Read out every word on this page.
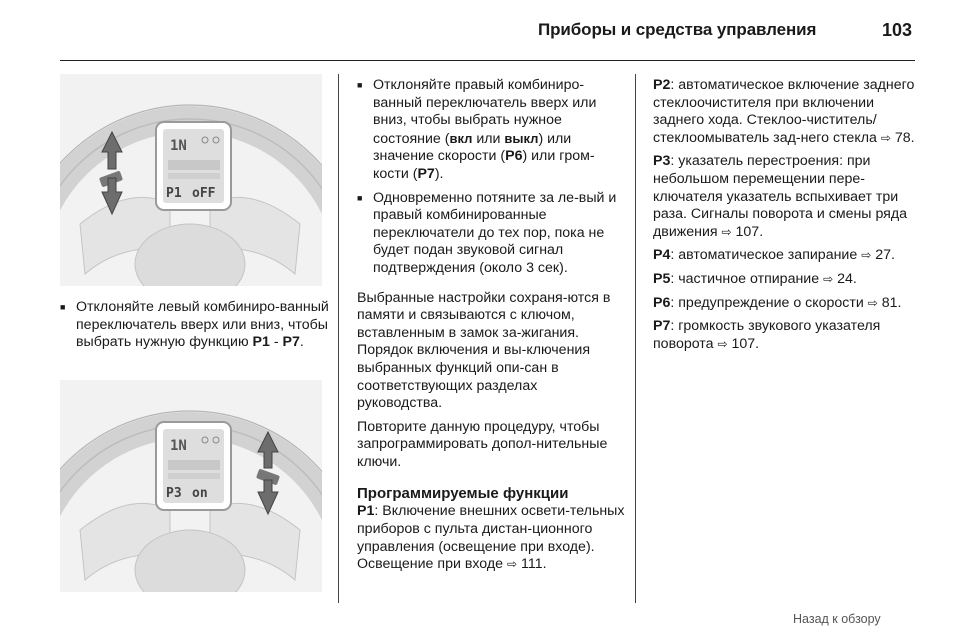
Приборы и средства управления	103
1N
P1 oFF
1N
P3 on
■ Отклоняйте левый комбиниро-ванный переключатель вверх или вниз, чтобы выбрать нужную функцию P1 - P7.
■ Отклоняйте правый комбиниро-ванный переключатель вверх или вниз, чтобы выбрать нужное состояние (вкл или выкл) или значение скорости (P6) или гром-кости (P7).
■ Одновременно потяните за ле-вый и правый комбинированные переключатели до тех пор, пока не будет подан звуковой сигнал подтверждения (около 3 сек).
Выбранные настройки сохраня-ются в памяти и связываются с ключом, вставленным в замок за-жигания. Порядок включения и вы-ключения выбранных функций опи-сан в соответствующих разделах руководства.
Повторите данную процедуру, чтобы запрограммировать допол-нительные ключи.
Программируемые функции
P1: Включение внешних освети-тельных приборов с пульта дистан-ционного управления (освещение при входе). Освещение при входе ⇨ 111.
P2: автоматическое включение заднего стеклоочистителя при включении заднего хода. Стеклоо-чиститель/стеклоомыватель зад-него стекла ⇨ 78.
P3: указатель перестроения: при небольшом перемещении пере-ключателя указатель вспыхивает три раза. Сигналы поворота и смены ряда движения ⇨ 107.
P4: автоматическое запирание ⇨ 27.
P5: частичное отпирание ⇨ 24.
P6: предупреждение о скорости ⇨ 81.
P7: громкость звукового указателя поворота ⇨ 107.
Назад к обзору
